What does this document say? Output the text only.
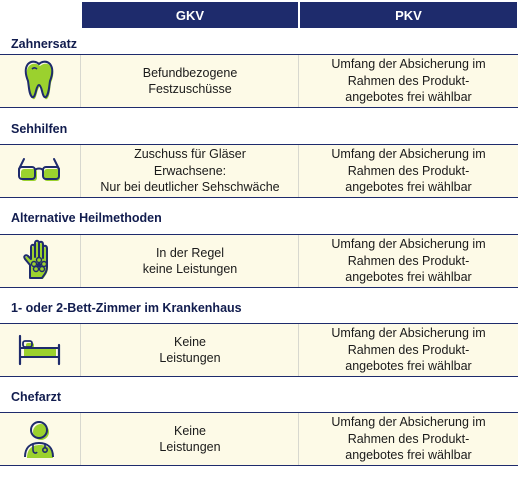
GKV	PKV
Zahnersatz
Befundbezogene
Festzuschüsse
Umfang der Absicherung im
Rahmen des Produkt-
angebotes frei wählbar
Sehhilfen
Zuschuss für Gläser
Erwachsene:
Nur bei deutlicher Sehschwäche
Umfang der Absicherung im
Rahmen des Produkt-
angebotes frei wählbar
Alternative Heilmethoden
In der Regel
keine Leistungen
Umfang der Absicherung im
Rahmen des Produkt-
angebotes frei wählbar
1- oder 2-Bett-Zimmer im Krankenhaus
Keine
Leistungen
Umfang der Absicherung im
Rahmen des Produkt-
angebotes frei wählbar
Chefarzt
Keine
Leistungen
Umfang der Absicherung im
Rahmen des Produkt-
angebotes frei wählbar
